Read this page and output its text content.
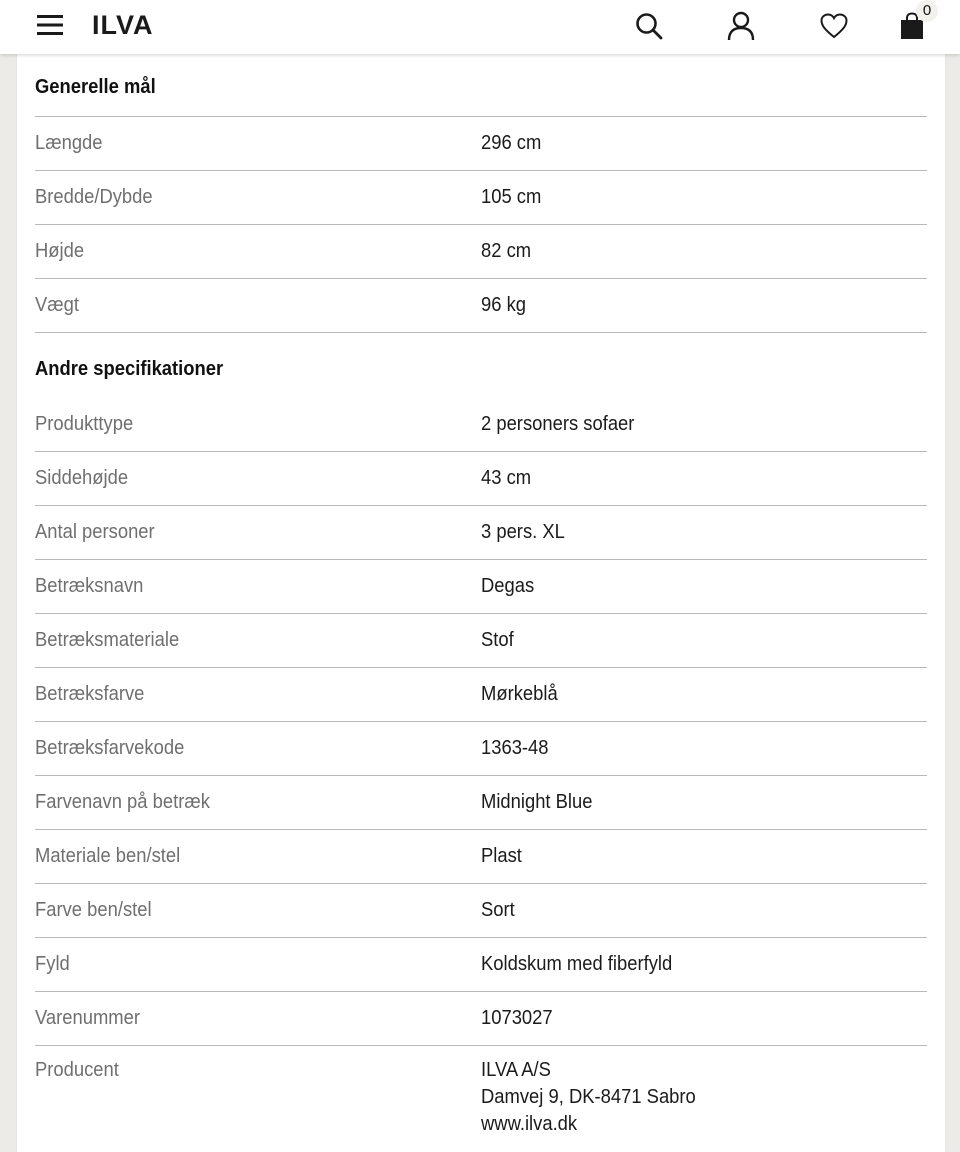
ILVA	0
Generelle mål
Længde	296 cm
Bredde/Dybde	105 cm
Højde	82 cm
Vægt	96 kg
Andre specifikationer
Produkttype	2 personers sofaer
Siddehøjde	43 cm
Antal personer	3 pers. XL
Betræksnavn	Degas
Betræksmateriale	Stof
Betræksfarve	Mørkeblå
Betræksfarvekode	1363-48
Farvenavn på betræk	Midnight Blue
Materiale ben/stel	Plast
Farve ben/stel	Sort
Fyld	Koldskum med fiberfyld
Varenummer	1073027
Producent	ILVA A/S
Damvej 9, DK-8471 Sabro
www.ilva.dk
